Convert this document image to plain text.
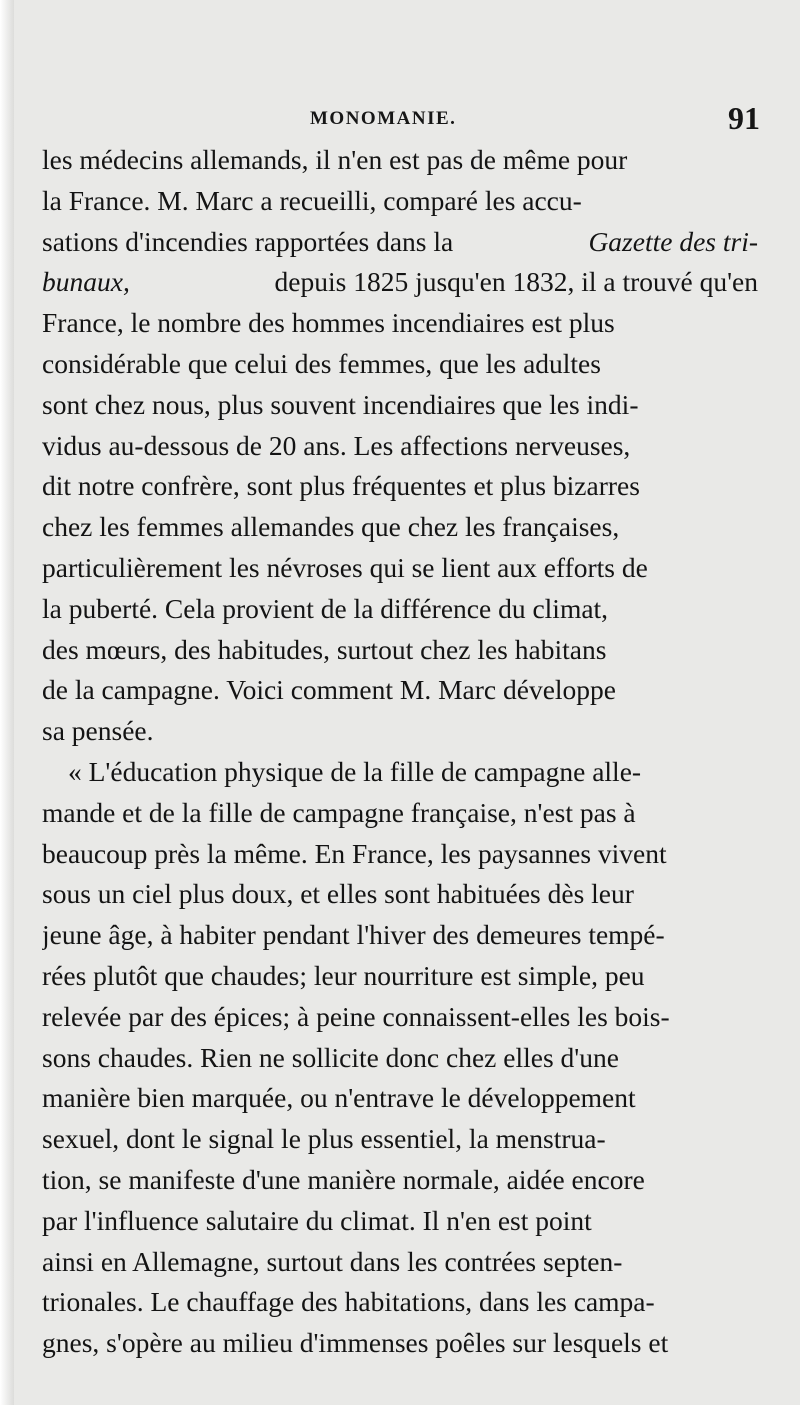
MONOMANIE.	91
les médecins allemands, il n'en est pas de même pour
la France. M. Marc a recueilli, comparé les accu-
sations d'incendies rapportées dans la	Gazette des tri-
bunaux,	depuis 1825 jusqu'en 1832, il a trouvé qu'en
France, le nombre des hommes incendiaires est plus
considérable que celui des femmes, que les adultes
sont chez nous, plus souvent incendiaires que les indi-
vidus au-dessous de 20 ans. Les affections nerveuses,
dit notre confrère, sont plus fréquentes et plus bizarres
chez les femmes allemandes que chez les françaises,
particulièrement les névroses qui se lient aux efforts de
la puberté. Cela provient de la différence du climat,
des mœurs, des habitudes, surtout chez les habitans
de la campagne. Voici comment M. Marc développe
sa pensée.
« L'éducation physique de la fille de campagne alle-
mande et de la fille de campagne française, n'est pas à
beaucoup près la même. En France, les paysannes vivent
sous un ciel plus doux, et elles sont habituées dès leur
jeune âge, à habiter pendant l'hiver des demeures tempé-
rées plutôt que chaudes; leur nourriture est simple, peu
relevée par des épices; à peine connaissent-elles les bois-
sons chaudes. Rien ne sollicite donc chez elles d'une
manière bien marquée, ou n'entrave le développement
sexuel, dont le signal le plus essentiel, la menstrua-
tion, se manifeste d'une manière normale, aidée encore
par l'influence salutaire du climat. Il n'en est point
ainsi en Allemagne, surtout dans les contrées septen-
trionales. Le chauffage des habitations, dans les campa-
gnes, s'opère au milieu d'immenses poêles sur lesquels et
